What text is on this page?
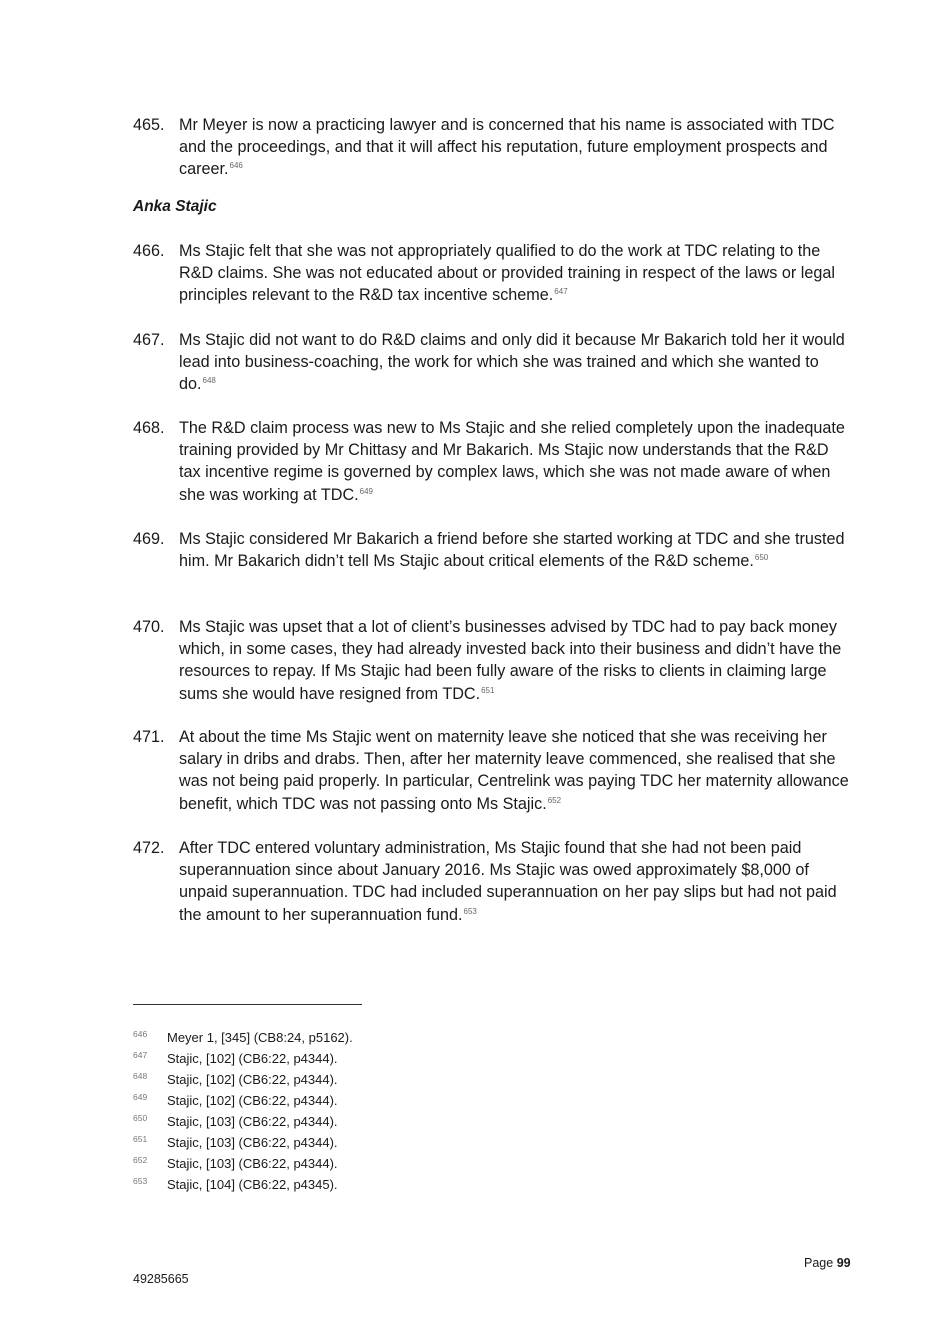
465. Mr Meyer is now a practicing lawyer and is concerned that his name is associated with TDC and the proceedings, and that it will affect his reputation, future employment prospects and career.$^{646}$
Anka Stajic
466. Ms Stajic felt that she was not appropriately qualified to do the work at TDC relating to the R&D claims. She was not educated about or provided training in respect of the laws or legal principles relevant to the R&D tax incentive scheme.$^{647}$
467. Ms Stajic did not want to do R&D claims and only did it because Mr Bakarich told her it would lead into business-coaching, the work for which she was trained and which she wanted to do.$^{648}$
468. The R&D claim process was new to Ms Stajic and she relied completely upon the inadequate training provided by Mr Chittasy and Mr Bakarich. Ms Stajic now understands that the R&D tax incentive regime is governed by complex laws, which she was not made aware of when she was working at TDC.$^{649}$
469. Ms Stajic considered Mr Bakarich a friend before she started working at TDC and she trusted him. Mr Bakarich didn’t tell Ms Stajic about critical elements of the R&D scheme.$^{650}$
470. Ms Stajic was upset that a lot of client’s businesses advised by TDC had to pay back money which, in some cases, they had already invested back into their business and didn’t have the resources to repay. If Ms Stajic had been fully aware of the risks to clients in claiming large sums she would have resigned from TDC.$^{651}$
471. At about the time Ms Stajic went on maternity leave she noticed that she was receiving her salary in dribs and drabs. Then, after her maternity leave commenced, she realised that she was not being paid properly. In particular, Centrelink was paying TDC her maternity allowance benefit, which TDC was not passing onto Ms Stajic.$^{652}$
472. After TDC entered voluntary administration, Ms Stajic found that she had not been paid superannuation since about January 2016. Ms Stajic was owed approximately $8,000 of unpaid superannuation. TDC had included superannuation on her pay slips but had not paid the amount to her superannuation fund.$^{653}$
646 Meyer 1, [345] (CB8:24, p5162).
647 Stajic, [102] (CB6:22, p4344).
648 Stajic, [102] (CB6:22, p4344).
649 Stajic, [102] (CB6:22, p4344).
650 Stajic, [103] (CB6:22, p4344).
651 Stajic, [103] (CB6:22, p4344).
652 Stajic, [103] (CB6:22, p4344).
653 Stajic, [104] (CB6:22, p4345).
Page 99
49285665
